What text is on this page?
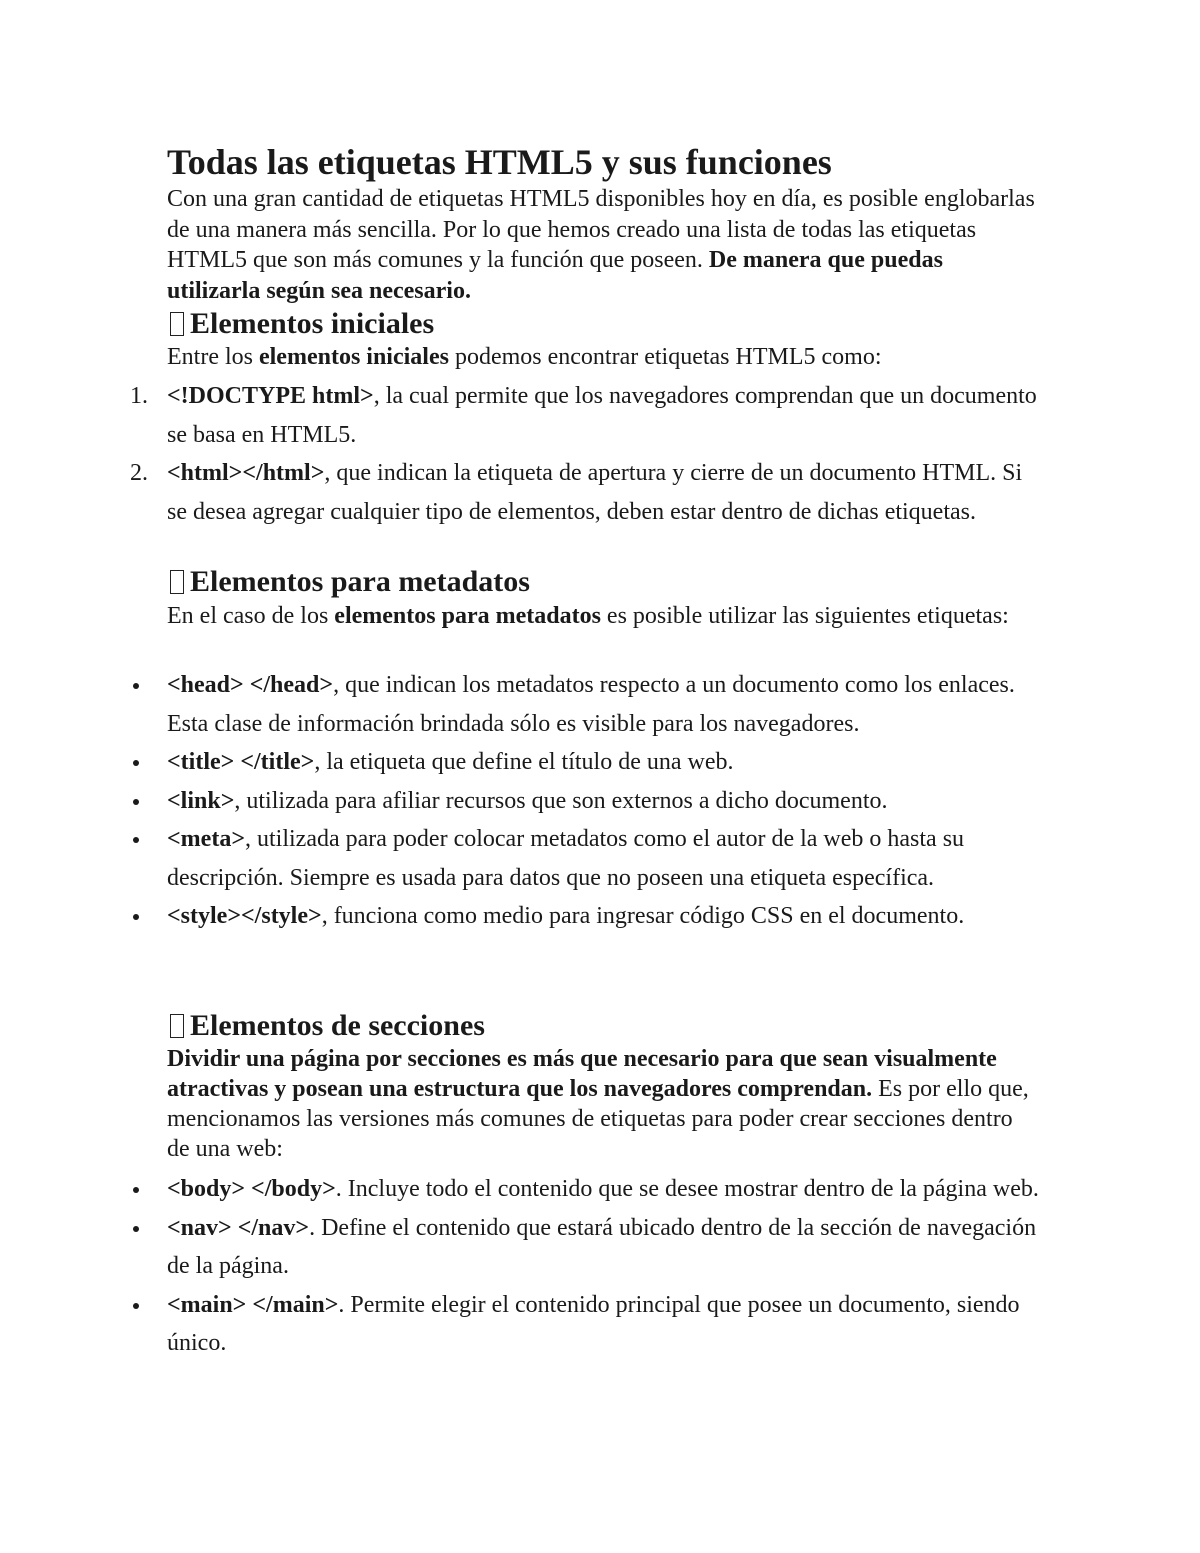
Todas las etiquetas HTML5 y sus funciones

Con una gran cantidad de etiquetas HTML5 disponibles hoy en día, es posible englobarlas de una manera más sencilla. Por lo que hemos creado una lista de todas las etiquetas HTML5 que son más comunes y la función que poseen. De manera que puedas utilizarla según sea necesario.

Elementos iniciales

Entre los elementos iniciales podemos encontrar etiquetas HTML5 como:

1. <!DOCTYPE html>, la cual permite que los navegadores comprendan que un documento se basa en HTML5.
2. <html></html>, que indican la etiqueta de apertura y cierre de un documento HTML. Si se desea agregar cualquier tipo de elementos, deben estar dentro de dichas etiquetas.
Elementos para metadatos

En el caso de los elementos para metadatos es posible utilizar las siguientes etiquetas:

<head> </head>, que indican los metadatos respecto a un documento como los enlaces. Esta clase de información brindada sólo es visible para los navegadores.
<title> </title>, la etiqueta que define el título de una web.
<link>, utilizada para afiliar recursos que son externos a dicho documento.
<meta>, utilizada para poder colocar metadatos como el autor de la web o hasta su descripción. Siempre es usada para datos que no poseen una etiqueta específica.
<style></style>, funciona como medio para ingresar código CSS en el documento.
Elementos de secciones

Dividir una página por secciones es más que necesario para que sean visualmente atractivas y posean una estructura que los navegadores comprendan. Es por ello que, mencionamos las versiones más comunes de etiquetas para poder crear secciones dentro de una web:

<body> </body>. Incluye todo el contenido que se desee mostrar dentro de la página web.
<nav> </nav>. Define el contenido que estará ubicado dentro de la sección de navegación de la página.
<main> </main>. Permite elegir el contenido principal que posee un documento, siendo único.
